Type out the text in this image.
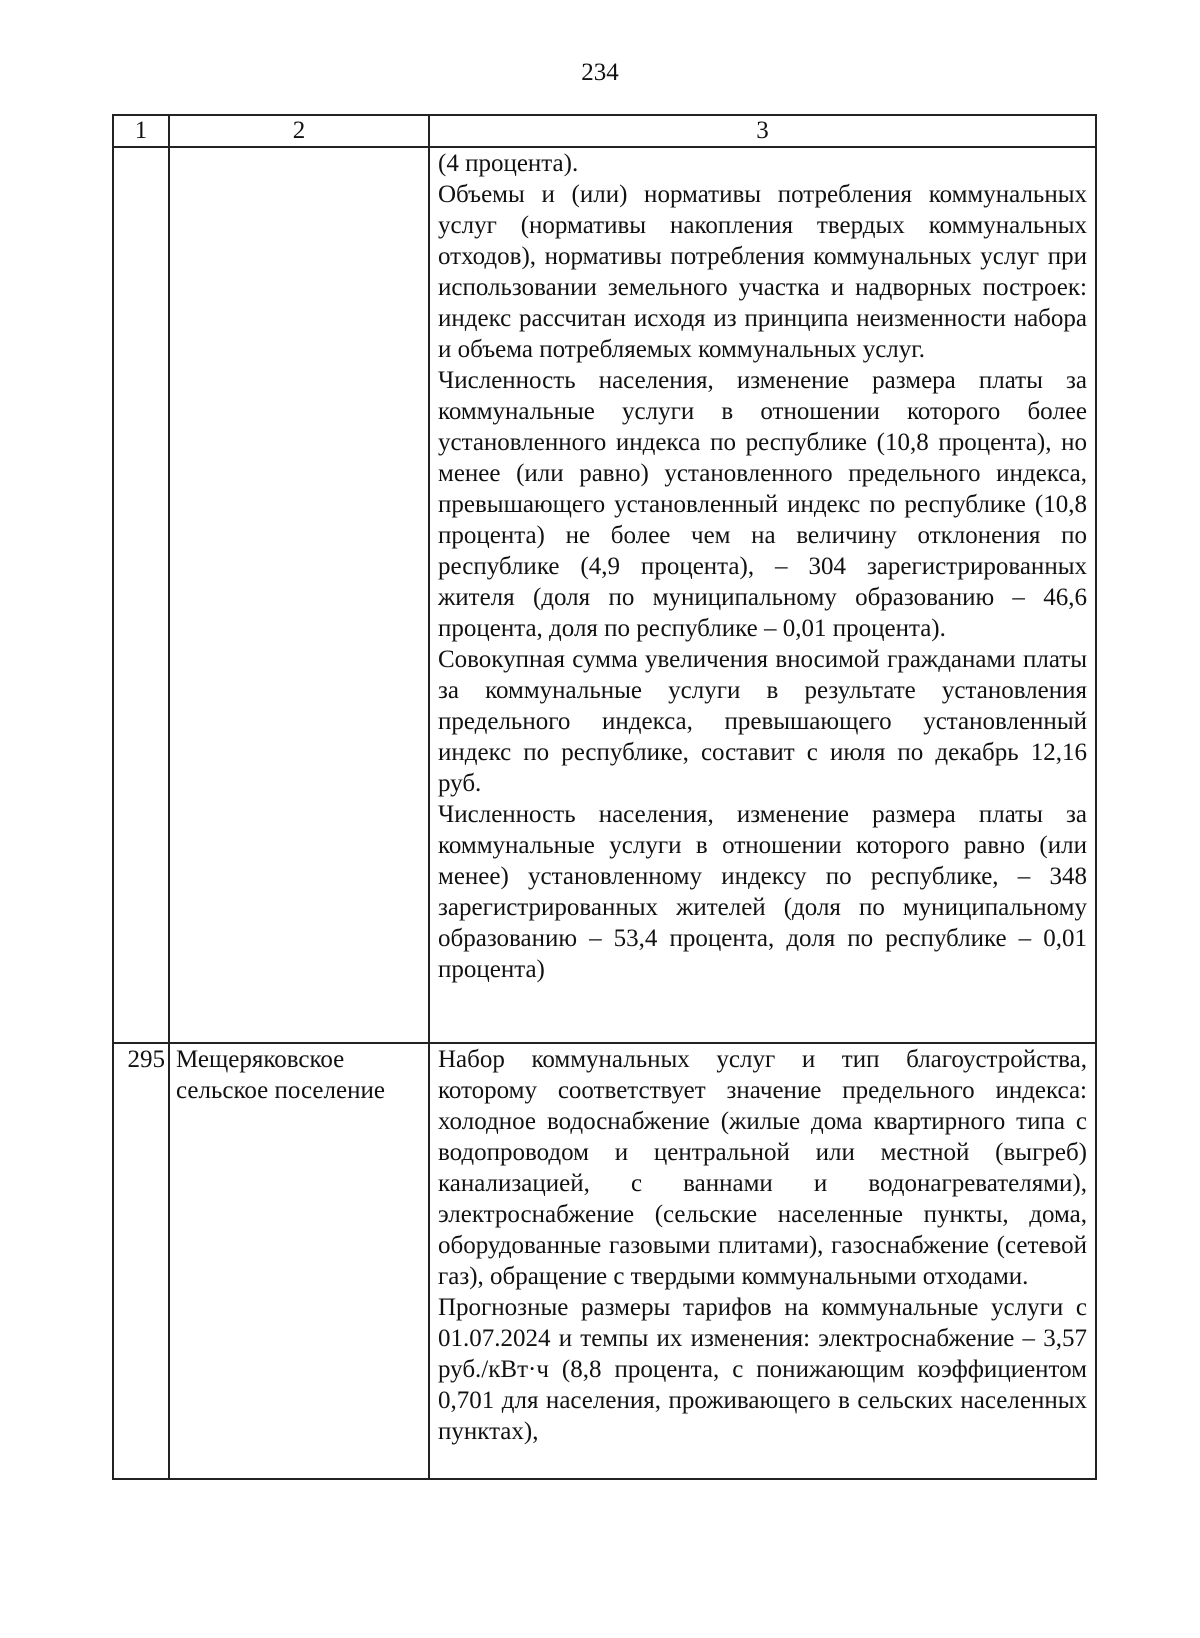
234
1	2	3

		(4 процента).

Объемы и (или) нормативы потребления коммунальных услуг (нормативы накопления твердых коммунальных отходов), нормативы потребления коммунальных услуг при использовании земельного участка и надворных построек: индекс рассчитан исходя из принципа неизменности набора и объема потребляемых коммунальных услуг.

Численность населения, изменение размера платы за коммунальные услуги в отношении которого более установленного индекса по республике (10,8 процента), но менее (или равно) установленного предельного индекса, превышающего установленный индекс по республике (10,8 процента) не более чем на величину отклонения по республике (4,9 процента), – 304 зарегистрированных жителя (доля по муниципальному образованию – 46,6 процента, доля по республике – 0,01 процента).

Совокупная сумма увеличения вносимой гражданами платы за коммунальные услуги в результате установления предельного индекса, превышающего установленный индекс по республике, составит с июля по декабрь 12,16 руб.

Численность населения, изменение размера платы за коммунальные услуги в отношении которого равно (или менее) установленному индексу по республике, – 348 зарегистрированных жителей (доля по муниципальному образованию – 53,4 процента, доля по республике – 0,01 процента)

295	Мещеряковское сельское поселение	Набор коммунальных услуг и тип благоустройства, которому соответствует значение предельного индекса: холодное водоснабжение (жилые дома квартирного типа с водопроводом и центральной или местной (выгреб) канализацией, с ваннами и водонагревателями), электроснабжение (сельские населенные пункты, дома, оборудованные газовыми плитами), газоснабжение (сетевой газ), обращение с твердыми коммунальными отходами.

Прогнозные размеры тарифов на коммунальные услуги с 01.07.2024 и темпы их изменения: электроснабжение – 3,57 руб./кВт·ч (8,8 процента, с понижающим коэффициентом 0,701 для населения, проживающего в сельских населенных пунктах),
